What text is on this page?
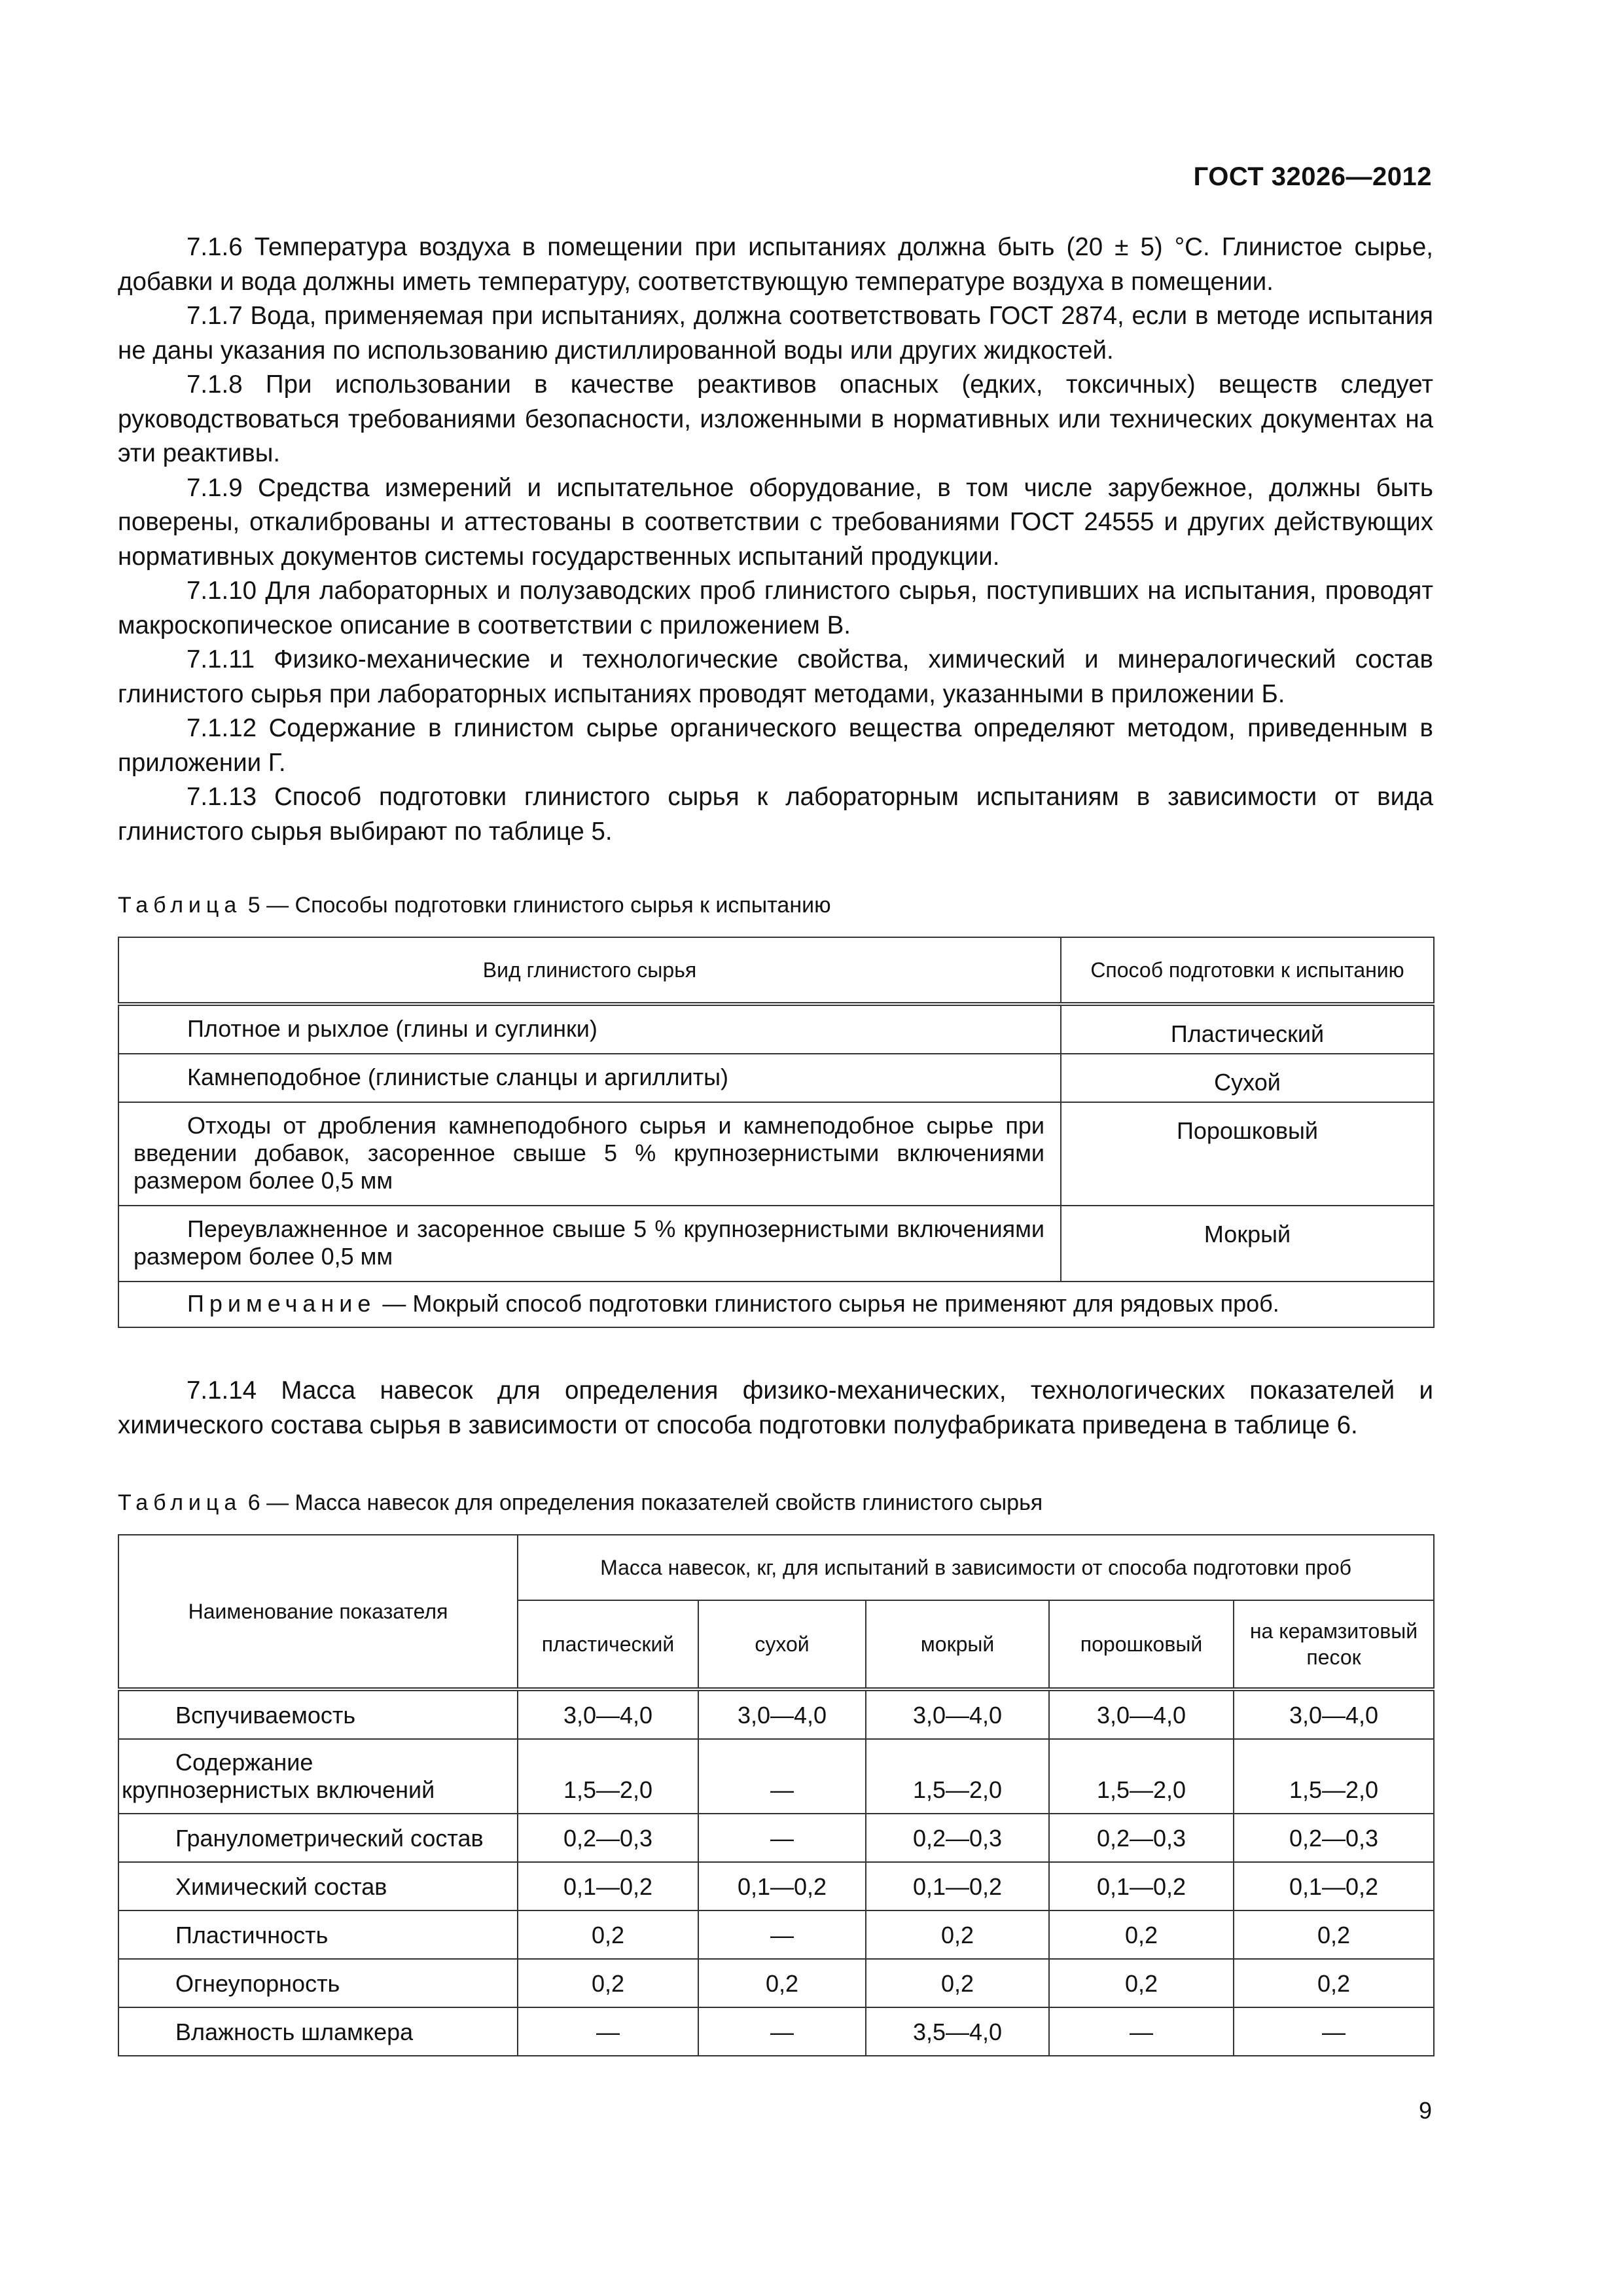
ГОСТ 32026—2012

7.1.6 Температура воздуха в помещении при испытаниях должна быть (20 ± 5) °С. Глинистое сырье, добавки и вода должны иметь температуру, соответствующую температуре воздуха в помещении.

7.1.7 Вода, применяемая при испытаниях, должна соответствовать ГОСТ 2874, если в методе испытания не даны указания по использованию дистиллированной воды или других жидкостей.

7.1.8 При использовании в качестве реактивов опасных (едких, токсичных) веществ следует руководствоваться требованиями безопасности, изложенными в нормативных или технических документах на эти реактивы.

7.1.9 Средства измерений и испытательное оборудование, в том числе зарубежное, должны быть поверены, откалиброваны и аттестованы в соответствии с требованиями ГОСТ 24555 и других действующих нормативных документов системы государственных испытаний продукции.

7.1.10 Для лабораторных и полузаводских проб глинистого сырья, поступивших на испытания, проводят макроскопическое описание в соответствии с приложением В.

7.1.11 Физико-механические и технологические свойства, химический и минералогический состав глинистого сырья при лабораторных испытаниях проводят методами, указанными в приложении Б.

7.1.12 Содержание в глинистом сырье органического вещества определяют методом, приведенным в приложении Г.

7.1.13 Способ подготовки глинистого сырья к лабораторным испытаниям в зависимости от вида глинистого сырья выбирают по таблице 5.

Таблица 5 — Способы подготовки глинистого сырья к испытанию

Вид глинистого сырья	Способ подготовки к испытанию
Плотное и рыхлое (глины и суглинки)	Пластический
Камнеподобное (глинистые сланцы и аргиллиты)	Сухой
Отходы от дробления камнеподобного сырья и камнеподобное сырье при введении добавок, засоренное свыше 5 % крупнозернистыми включениями размером более 0,5 мм	Порошковый
Переувлажненное и засоренное свыше 5 % крупнозернистыми включениями размером более 0,5 мм	Мокрый
Примечание — Мокрый способ подготовки глинистого сырья не применяют для рядовых проб.	

7.1.14 Масса навесок для определения физико-механических, технологических показателей и химического состава сырья в зависимости от способа подготовки полуфабриката приведена в таблице 6.

Таблица 6 — Масса навесок для определения показателей свойств глинистого сырья

Наименование показателя	Масса навесок, кг, для испытаний в зависимости от способа подготовки проб				
	пластический	сухой	мокрый	порошковый	на керамзитовый песок
Вспучиваемость	3,0—4,0	3,0—4,0	3,0—4,0	3,0—4,0	3,0—4,0
Содержание крупнозернистых включений	1,5—2,0	—	1,5—2,0	1,5—2,0	1,5—2,0
Гранулометрический состав	0,2—0,3	—	0,2—0,3	0,2—0,3	0,2—0,3
Химический состав	0,1—0,2	0,1—0,2	0,1—0,2	0,1—0,2	0,1—0,2
Пластичность	0,2	—	0,2	0,2	0,2
Огнеупорность	0,2	0,2	0,2	0,2	0,2
Влажность шламкера	—	—	3,5—4,0	—	—
9
